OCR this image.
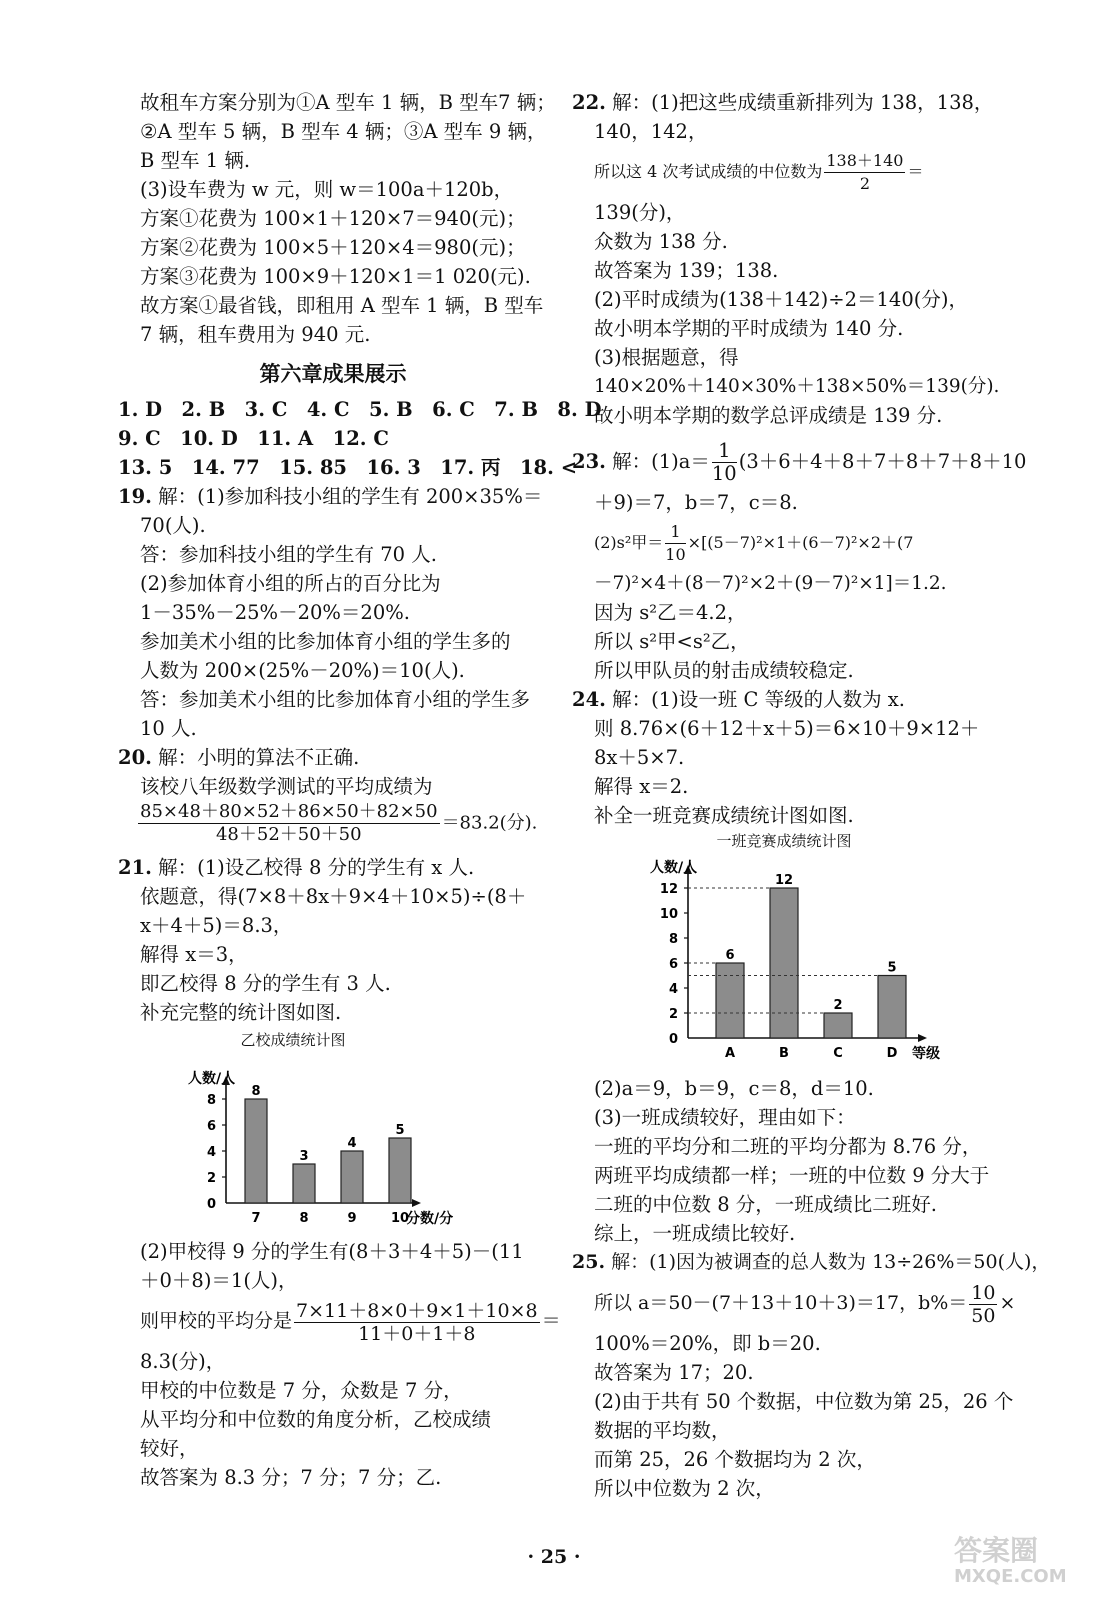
故租车方案分别为①A 型车 1 辆，B 型车7 辆；
②A 型车 5 辆，B 型车 4 辆；③A 型车 9 辆，
B 型车 1 辆.
(3)设车费为 w 元，则 w＝100a＋120b，
方案①花费为 100×1＋120×7＝940(元)；
方案②花费为 100×5＋120×4＝980(元)；
方案③花费为 100×9＋120×1＝1 020(元).
故方案①最省钱，即租用 A 型车 1 辆，B 型车
7 辆，租车费用为 940 元.
第六章成果展示
1. D　2. B　3. C　4. C　5. B　6. C　7. B　8. D
9. C　10. D　11. A　12. C
13. 5　14. 77　15. 85　16. 3　17. 丙　18. <
19. 解：(1)参加科技小组的学生有 200×35%＝
70(人).
答：参加科技小组的学生有 70 人.
(2)参加体育小组的所占的百分比为
1－35%－25%－20%＝20%.
参加美术小组的比参加体育小组的学生多的
人数为 200×(25%－20%)＝10(人).
答：参加美术小组的比参加体育小组的学生多
10 人.
20. 解：小明的算法不正确.
该校八年级数学测试的平均成绩为
$\frac{85\times 48+80\times 52+86\times 50+82\times 50}{48+52+50+50} =83.2$(分).
21. 解：(1)设乙校得 8 分的学生有 x 人.
依题意，得(7×8＋8x＋9×4＋10×5)÷(8＋
x＋4＋5)＝8.3，
解得 x＝3，
即乙校得 8 分的学生有 3 人.
补充完整的统计图如图.
乙校成绩统计图
人数/人
0
2
4
6
8
8
7
3
8
4
9
5
10
分数/分
(2)甲校得 9 分的学生有(8＋3＋4＋5)－(11
＋0＋8)＝1(人)，
则甲校的平均分是 $\frac{7\times 11+8\times 0+9\times 1+10\times 8}{11+0+1+8}$ ＝
8.3(分)，
甲校的中位数是 7 分，众数是 7 分，
从平均分和中位数的角度分析，乙校成绩
较好，
故答案为 8.3 分；7 分；7 分；乙.
22. 解：(1)把这些成绩重新排列为 138，138，
140，142，
所以这 4 次考试成绩的中位数为 $\frac{138+140}{2}$ ＝
139(分)，
众数为 138 分.
故答案为 139；138.
(2)平时成绩为(138＋142)÷2＝140(分)，
故小明本学期的平时成绩为 140 分.
(3)根据题意，得
140×20%＋140×30%＋138×50%＝139(分).
故小明本学期的数学总评成绩是 139 分.
23. 解：$(1)a= \frac{1}{10} (3+6+4+8+7+8+7+8+10$
＋9)＝7，b＝7，c＝8.
(2)s²甲＝ $\frac{1}{10} \times[(5-7)^2\times 1+(6-7)^2\times 2+(7$
－7)²×4＋(8－7)²×2＋(9－7)²×1]＝1.2.
因为 s²乙＝4.2，
所以 s²甲<s²乙，
所以甲队员的射击成绩较稳定.
24. 解：(1)设一班 C 等级的人数为 x.
则 8.76×(6＋12＋x＋5)＝6×10＋9×12＋
8x＋5×7.
解得 x＝2.
补全一班竞赛成绩统计图如图.
一班竞赛成绩统计图
人数/人
0
2
4
6
8
10
12
6
A
12
B
2
C
5
D 等级
(2)a＝9，b＝9，c＝8，d＝10.
(3)一班成绩较好，理由如下：
一班的平均分和二班的平均分都为 8.76 分，
两班平均成绩都一样；一班的中位数 9 分大于
二班的中位数 8 分，一班成绩比二班好.
综上，一班成绩比较好.
25. 解：(1)因为被调查的总人数为 13÷26%＝50(人)，
所以 a＝50－(7＋13＋10＋3)＝17，$b\%= \frac{10}{50}$ ×
100%＝20%，即 b＝20.
故答案为 17；20.
(2)由于共有 50 个数据，中位数为第 25，26 个
数据的平均数，
而第 25，26 个数据均为 2 次，
所以中位数为 2 次，
· 25 ·	答案圈
MXQE.COM
